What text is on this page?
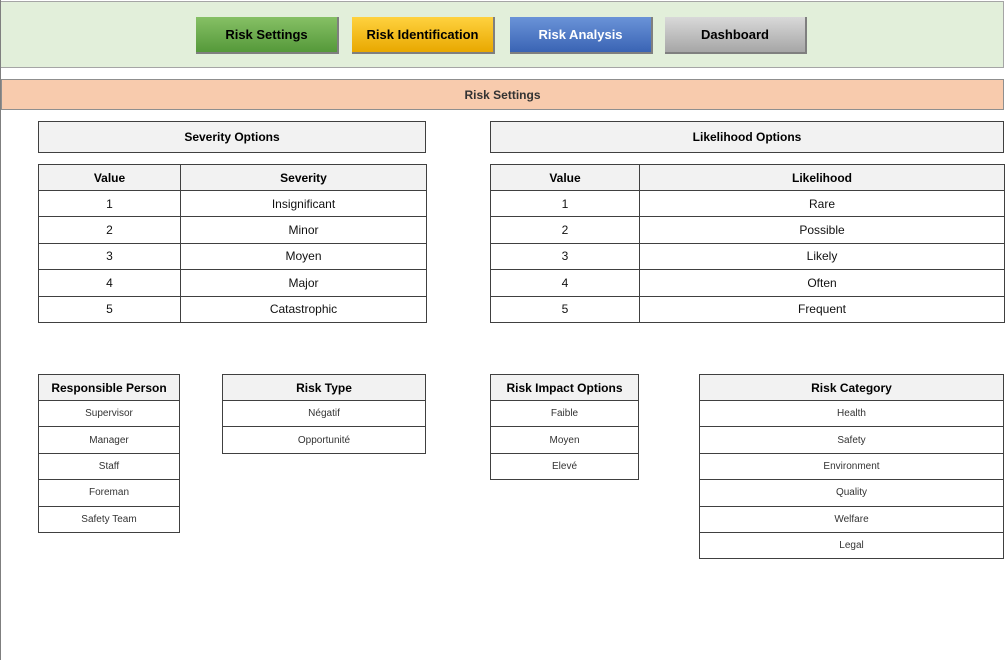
Risk Settings	Risk Identification	Risk Analysis	Dashboard
Risk Settings
Severity Options
Value	Severity
1	Insignificant
2	Minor
3	Moyen
4	Major
5	Catastrophic
Likelihood Options
Value	Likelihood
1	Rare
2	Possible
3	Likely
4	Often
5	Frequent
Responsible Person
Supervisor
Manager
Staff
Foreman
Safety Team
Risk Type
Négatif
Opportunité
Risk Impact Options
Faible
Moyen
Elevé
Risk Category
Health
Safety
Environment
Quality
Welfare
Legal
